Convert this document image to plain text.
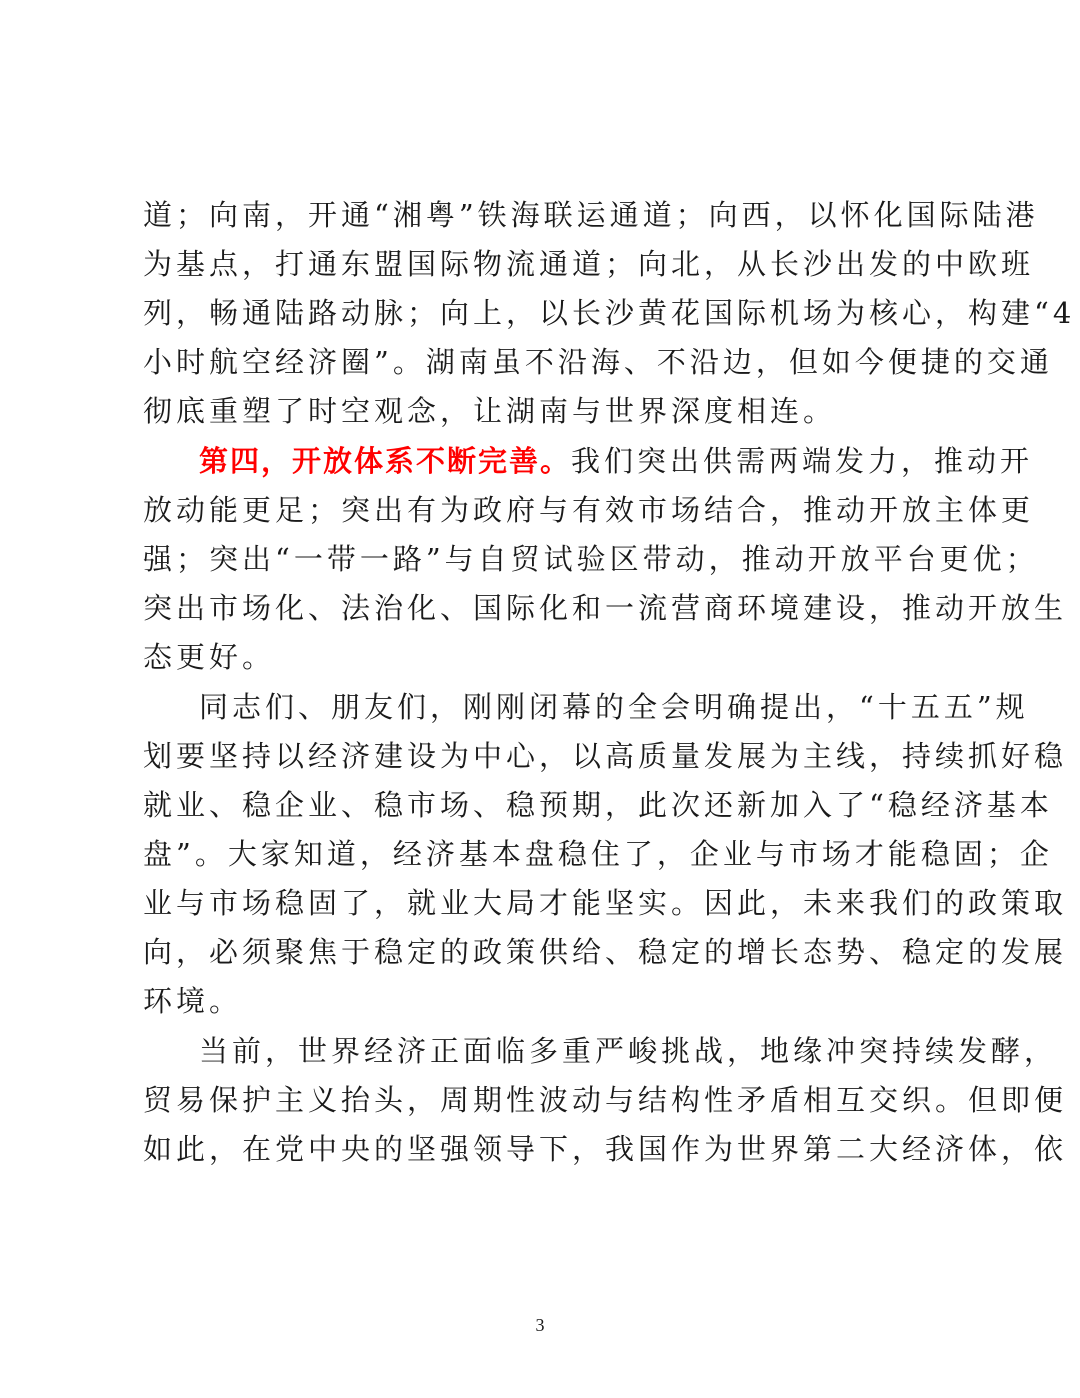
道；向南，开通“湘粤”铁海联运通道；向西，以怀化国际陆港
为基点，打通东盟国际物流通道；向北，从长沙出发的中欧班
列，畅通陆路动脉；向上，以长沙黄花国际机场为核心，构建“4
小时航空经济圈”。湖南虽不沿海、不沿边，但如今便捷的交通
彻底重塑了时空观念，让湖南与世界深度相连。
第四，开放体系不断完善。我们突出供需两端发力，推动开
放动能更足；突出有为政府与有效市场结合，推动开放主体更
强；突出“一带一路”与自贸试验区带动，推动开放平台更优；
突出市场化、法治化、国际化和一流营商环境建设，推动开放生
态更好。
同志们、朋友们，刚刚闭幕的全会明确提出，“十五五”规
划要坚持以经济建设为中心，以高质量发展为主线，持续抓好稳
就业、稳企业、稳市场、稳预期，此次还新加入了“稳经济基本
盘”。大家知道，经济基本盘稳住了，企业与市场才能稳固；企
业与市场稳固了，就业大局才能坚实。因此，未来我们的政策取
向，必须聚焦于稳定的政策供给、稳定的增长态势、稳定的发展
环境。
当前，世界经济正面临多重严峻挑战，地缘冲突持续发酵，
贸易保护主义抬头，周期性波动与结构性矛盾相互交织。但即便
如此，在党中央的坚强领导下，我国作为世界第二大经济体，依
3
